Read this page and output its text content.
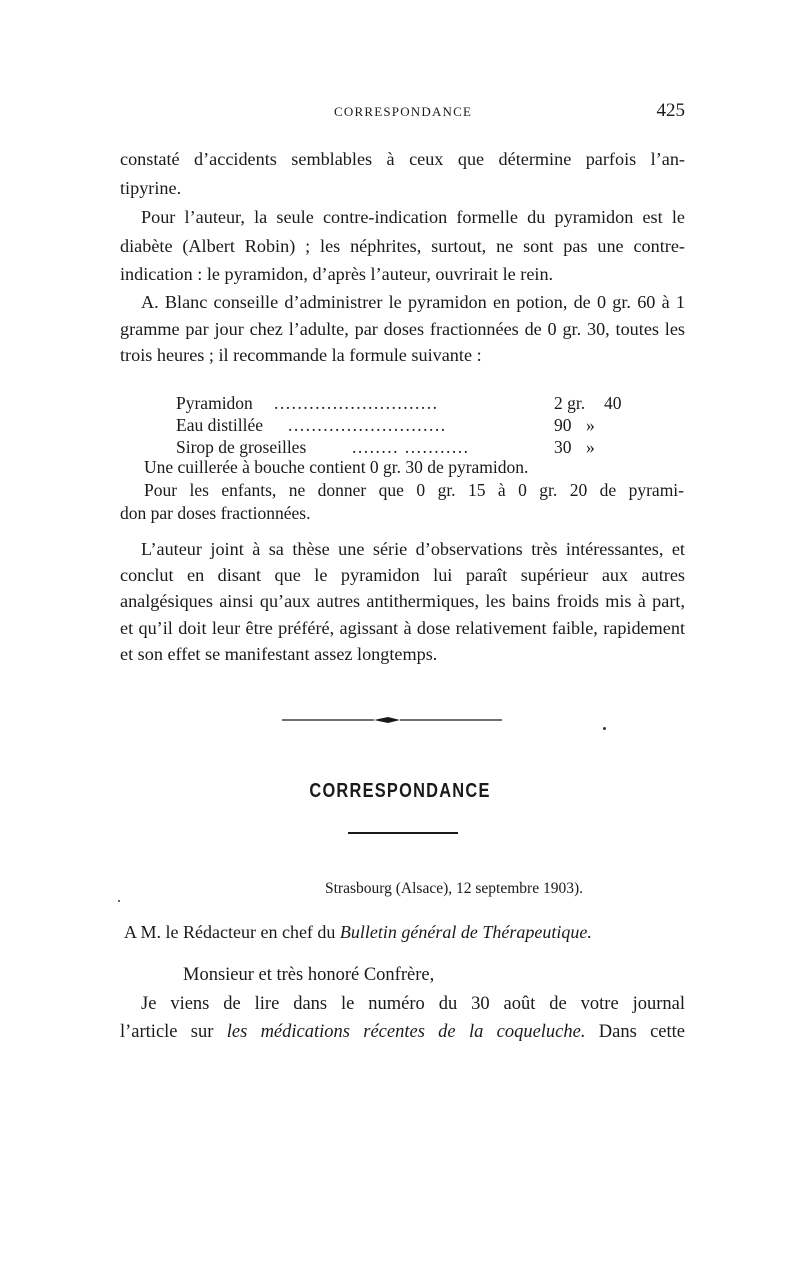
CORRESPONDANCE	425

constaté d’accidents semblables à ceux que détermine parfois l’an-

tipyrine.

Pour l’auteur, la seule contre-indication formelle du pyramidon est le diabète (Albert Robin) ; les néphrites, surtout, ne sont pas une contre-indication : le pyramidon, d’après l’auteur, ouvrirait le rein.

A. Blanc conseille d’administrer le pyramidon en potion, de 0 gr. 60 à 1 gramme par jour chez l’adulte, par doses fractionnées de 0 gr. 30, toutes les trois heures ; il recommande la formule suivante :

Pyramidon ............................	2 gr. 40
Eau distillée ...........................	90 »
Sirop de groseilles	........ ...........	30 »
Une cuillerée à bouche contient 0 gr. 30 de pyramidon.
Pour les enfants, ne donner que 0 gr. 15 à 0 gr. 20 de pyrami-
don par doses fractionnées.

L’auteur joint à sa thèse une série d’observations très intéressantes, et conclut en disant que le pyramidon lui paraît supérieur aux autres analgésiques ainsi qu’aux autres antithermiques, les bains froids mis à part, et qu’il doit leur être préféré, agissant à dose relativement faible, rapidement et son effet se manifestant assez longtemps.

CORRESPONDANCE
Strasbourg (Alsace), 12 septembre 1903).
A M. le Rédacteur en chef du Bulletin général de Thérapeutique.
Monsieur et très honoré Confrère,
Je viens de lire dans le numéro du 30 août de votre journal
l’article sur les médications récentes de la coqueluche. Dans cette
